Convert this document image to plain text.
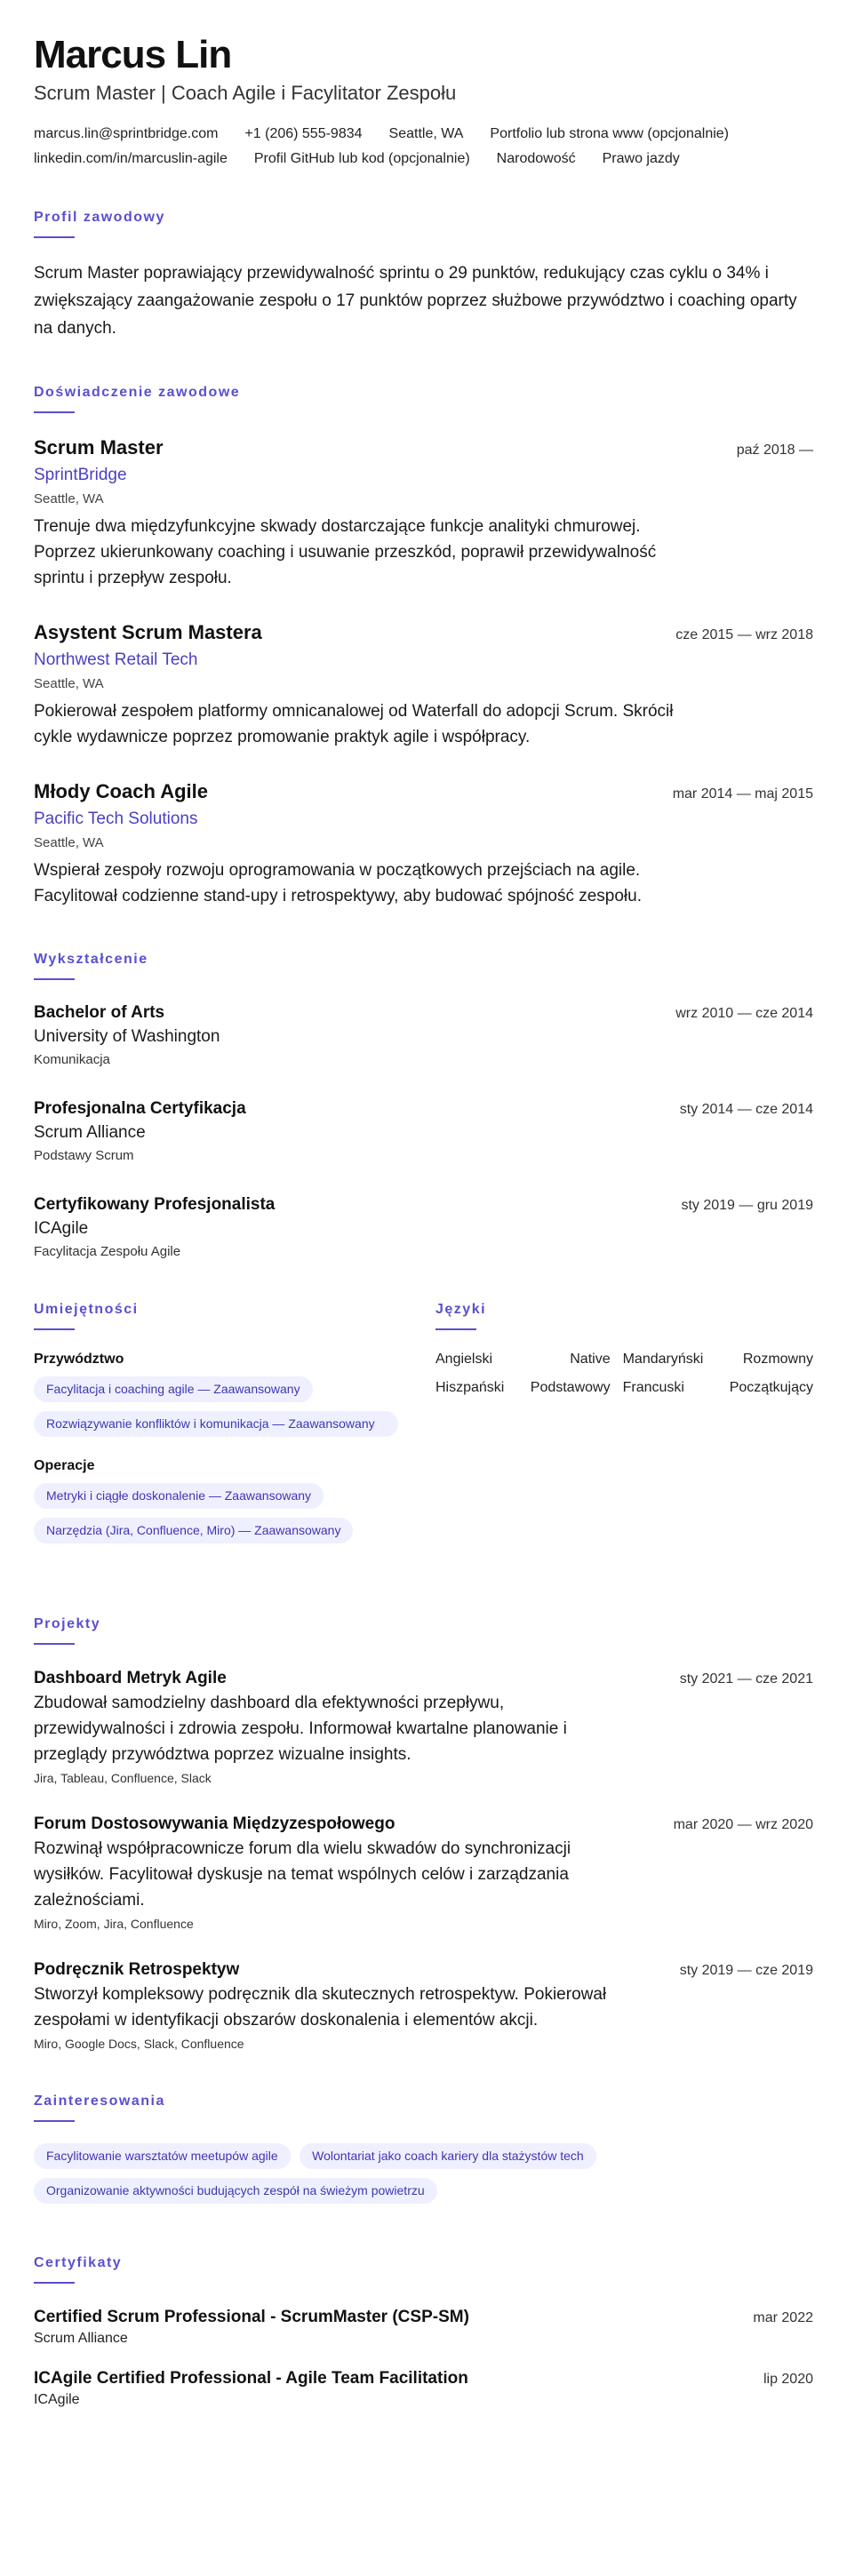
Marcus Lin
Scrum Master | Coach Agile i Facylitator Zespołu
marcus.lin@sprintbridge.com +1 (206) 555-9834 Seattle, WA Portfolio lub strona www (opcjonalnie)
linkedin.com/in/marcuslin-agile Profil GitHub lub kod (opcjonalnie) Narodowość Prawo jazdy
Profil zawodowy

Scrum Master poprawiający przewidywalność sprintu o 29 punktów, redukujący czas cyklu o 34% i zwiększający zaangażowanie zespołu o 17 punktów poprzez służbowe przywództwo i coaching oparty na danych.

Doświadczenie zawodowe
Scrum Master	paź 2018 —
SprintBridge
Seattle, WA

Trenuje dwa międzyfunkcyjne skwady dostarczające funkcje analityki chmurowej. Poprzez ukierunkowany coaching i usuwanie przeszkód, poprawił przewidywalność sprintu i przepływ zespołu.

Asystent Scrum Mastera	cze 2015 — wrz 2018
Northwest Retail Tech
Seattle, WA

Pokierował zespołem platformy omnicanalowej od Waterfall do adopcji Scrum. Skrócił cykle wydawnicze poprzez promowanie praktyk agile i współpracy.

Młody Coach Agile	mar 2014 — maj 2015
Pacific Tech Solutions
Seattle, WA

Wspierał zespoły rozwoju oprogramowania w początkowych przejściach na agile. Facylitował codzienne stand-upy i retrospektywy, aby budować spójność zespołu.

Wykształcenie
Bachelor of Arts	wrz 2010 — cze 2014
University of Washington
Komunikacja
Profesjonalna Certyfikacja	sty 2014 — cze 2014
Scrum Alliance
Podstawy Scrum
Certyfikowany Profesjonalista	sty 2019 — gru 2019
ICAgile
Facylitacja Zespołu Agile
Umiejętności
Przywództwo
Facylitacja i coaching agile — Zaawansowany
Rozwiązywanie konfliktów i komunikacja — Zaawansowany
Operacje
Metryki i ciągłe doskonalenie — Zaawansowany
Narzędzia (Jira, Confluence, Miro) — Zaawansowany
Języki
Angielski	Native Mandaryński	Rozmowny
Hiszpański	Podstawowy Francuski	Początkujący
Projekty
Dashboard Metryk Agile	sty 2021 — cze 2021

Zbudował samodzielny dashboard dla efektywności przepływu, przewidywalności i zdrowia zespołu. Informował kwartalne planowanie i przeglądy przywództwa poprzez wizualne insights.

Jira, Tableau, Confluence, Slack
Forum Dostosowywania Międzyzespołowego	mar 2020 — wrz 2020

Rozwinął współpracownicze forum dla wielu skwadów do synchronizacji wysiłków. Facylitował dyskusje na temat wspólnych celów i zarządzania zależnościami.

Miro, Zoom, Jira, Confluence
Podręcznik Retrospektyw	sty 2019 — cze 2019

Stworzył kompleksowy podręcznik dla skutecznych retrospektyw. Pokierował zespołami w identyfikacji obszarów doskonalenia i elementów akcji.

Miro, Google Docs, Slack, Confluence
Zainteresowania
Facylitowanie warsztatów meetupów agile	Wolontariat jako coach kariery dla stażystów tech
Organizowanie aktywności budujących zespół na świeżym powietrzu
Certyfikaty
Certified Scrum Professional - ScrumMaster (CSP-SM)	mar 2022
Scrum Alliance
ICAgile Certified Professional - Agile Team Facilitation	lip 2020
ICAgile
